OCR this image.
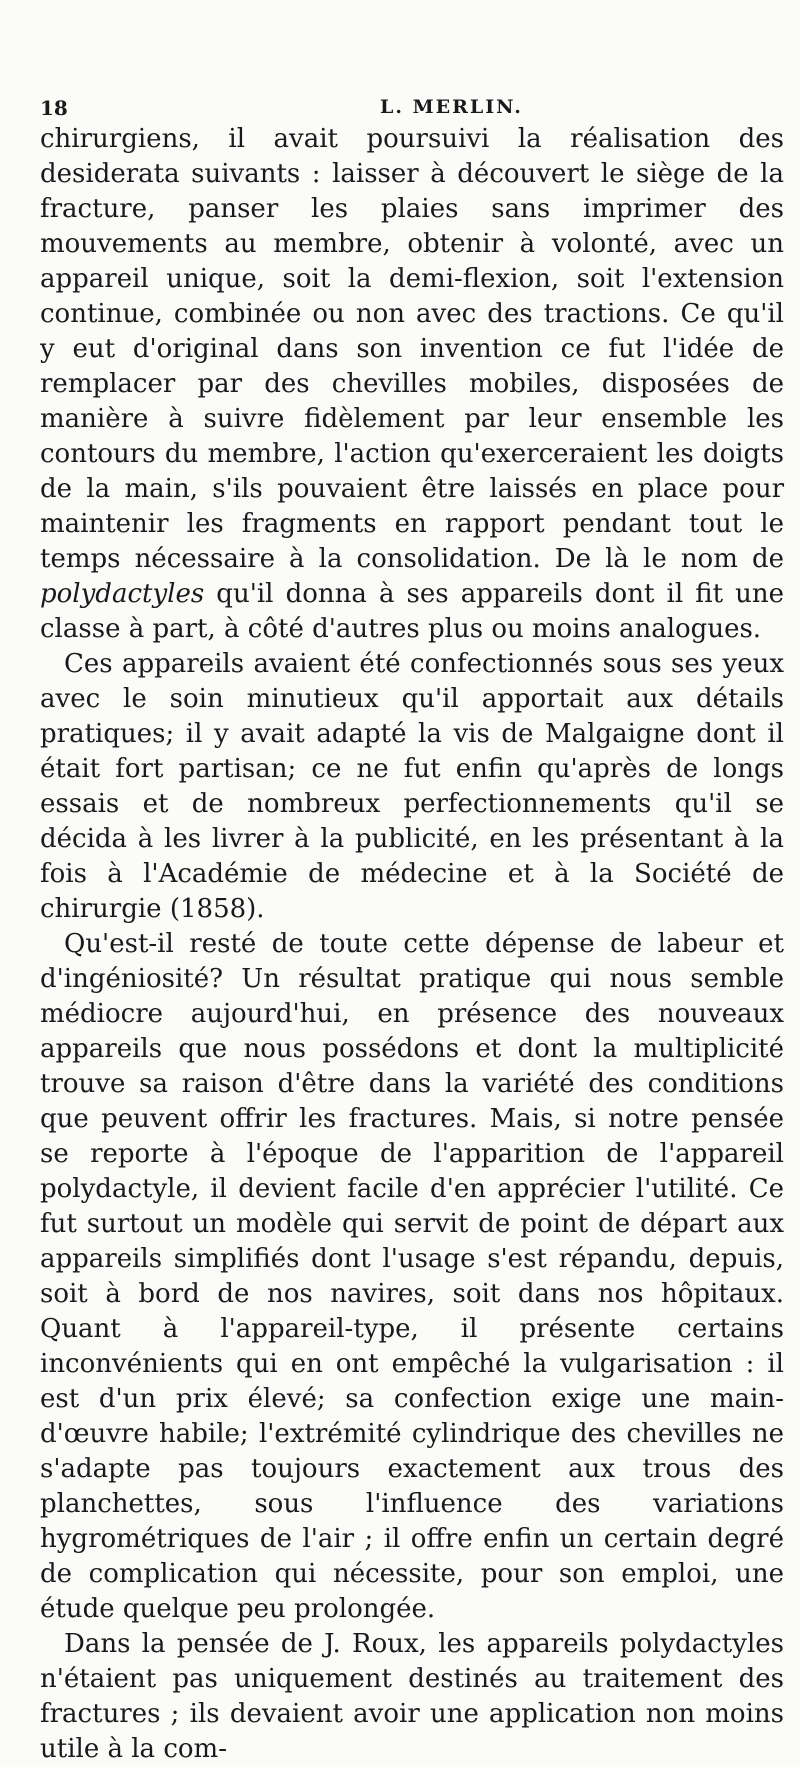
18	L. MERLIN.

chirurgiens, il avait poursuivi la réalisation des desiderata suivants : laisser à découvert le siège de la fracture, panser les plaies sans imprimer des mouvements au membre, obtenir à volonté, avec un appareil unique, soit la demi-flexion, soit l'extension continue, combinée ou non avec des tractions. Ce qu'il y eut d'original dans son invention ce fut l'idée de remplacer par des chevilles mobiles, disposées de manière à suivre fidèlement par leur ensemble les contours du membre, l'action qu'exerceraient les doigts de la main, s'ils pouvaient être laissés en place pour maintenir les fragments en rapport pendant tout le temps nécessaire à la consolidation. De là le nom de polydactyles qu'il donna à ses appareils dont il fit une classe à part, à côté d'autres plus ou moins analogues.

Ces appareils avaient été confectionnés sous ses yeux avec le soin minutieux qu'il apportait aux détails pratiques; il y avait adapté la vis de Malgaigne dont il était fort partisan; ce ne fut enfin qu'après de longs essais et de nombreux perfectionnements qu'il se décida à les livrer à la publicité, en les présentant à la fois à l'Académie de médecine et à la Société de chirurgie (1858).

Qu'est-il resté de toute cette dépense de labeur et d'ingéniosité? Un résultat pratique qui nous semble médiocre aujourd'hui, en présence des nouveaux appareils que nous possédons et dont la multiplicité trouve sa raison d'être dans la variété des conditions que peuvent offrir les fractures. Mais, si notre pensée se reporte à l'époque de l'apparition de l'appareil polydactyle, il devient facile d'en apprécier l'utilité. Ce fut surtout un modèle qui servit de point de départ aux appareils simplifiés dont l'usage s'est répandu, depuis, soit à bord de nos navires, soit dans nos hôpitaux. Quant à l'appareil-type, il présente certains inconvénients qui en ont empêché la vulgarisation : il est d'un prix élevé; sa confection exige une main-d'œuvre habile; l'extrémité cylindrique des chevilles ne s'adapte pas toujours exactement aux trous des planchettes, sous l'influence des variations hygrométriques de l'air ; il offre enfin un certain degré de complication qui nécessite, pour son emploi, une étude quelque peu prolongée.

Dans la pensée de J. Roux, les appareils polydactyles n'étaient pas uniquement destinés au traitement des fractures ; ils devaient avoir une application non moins utile à la com-
